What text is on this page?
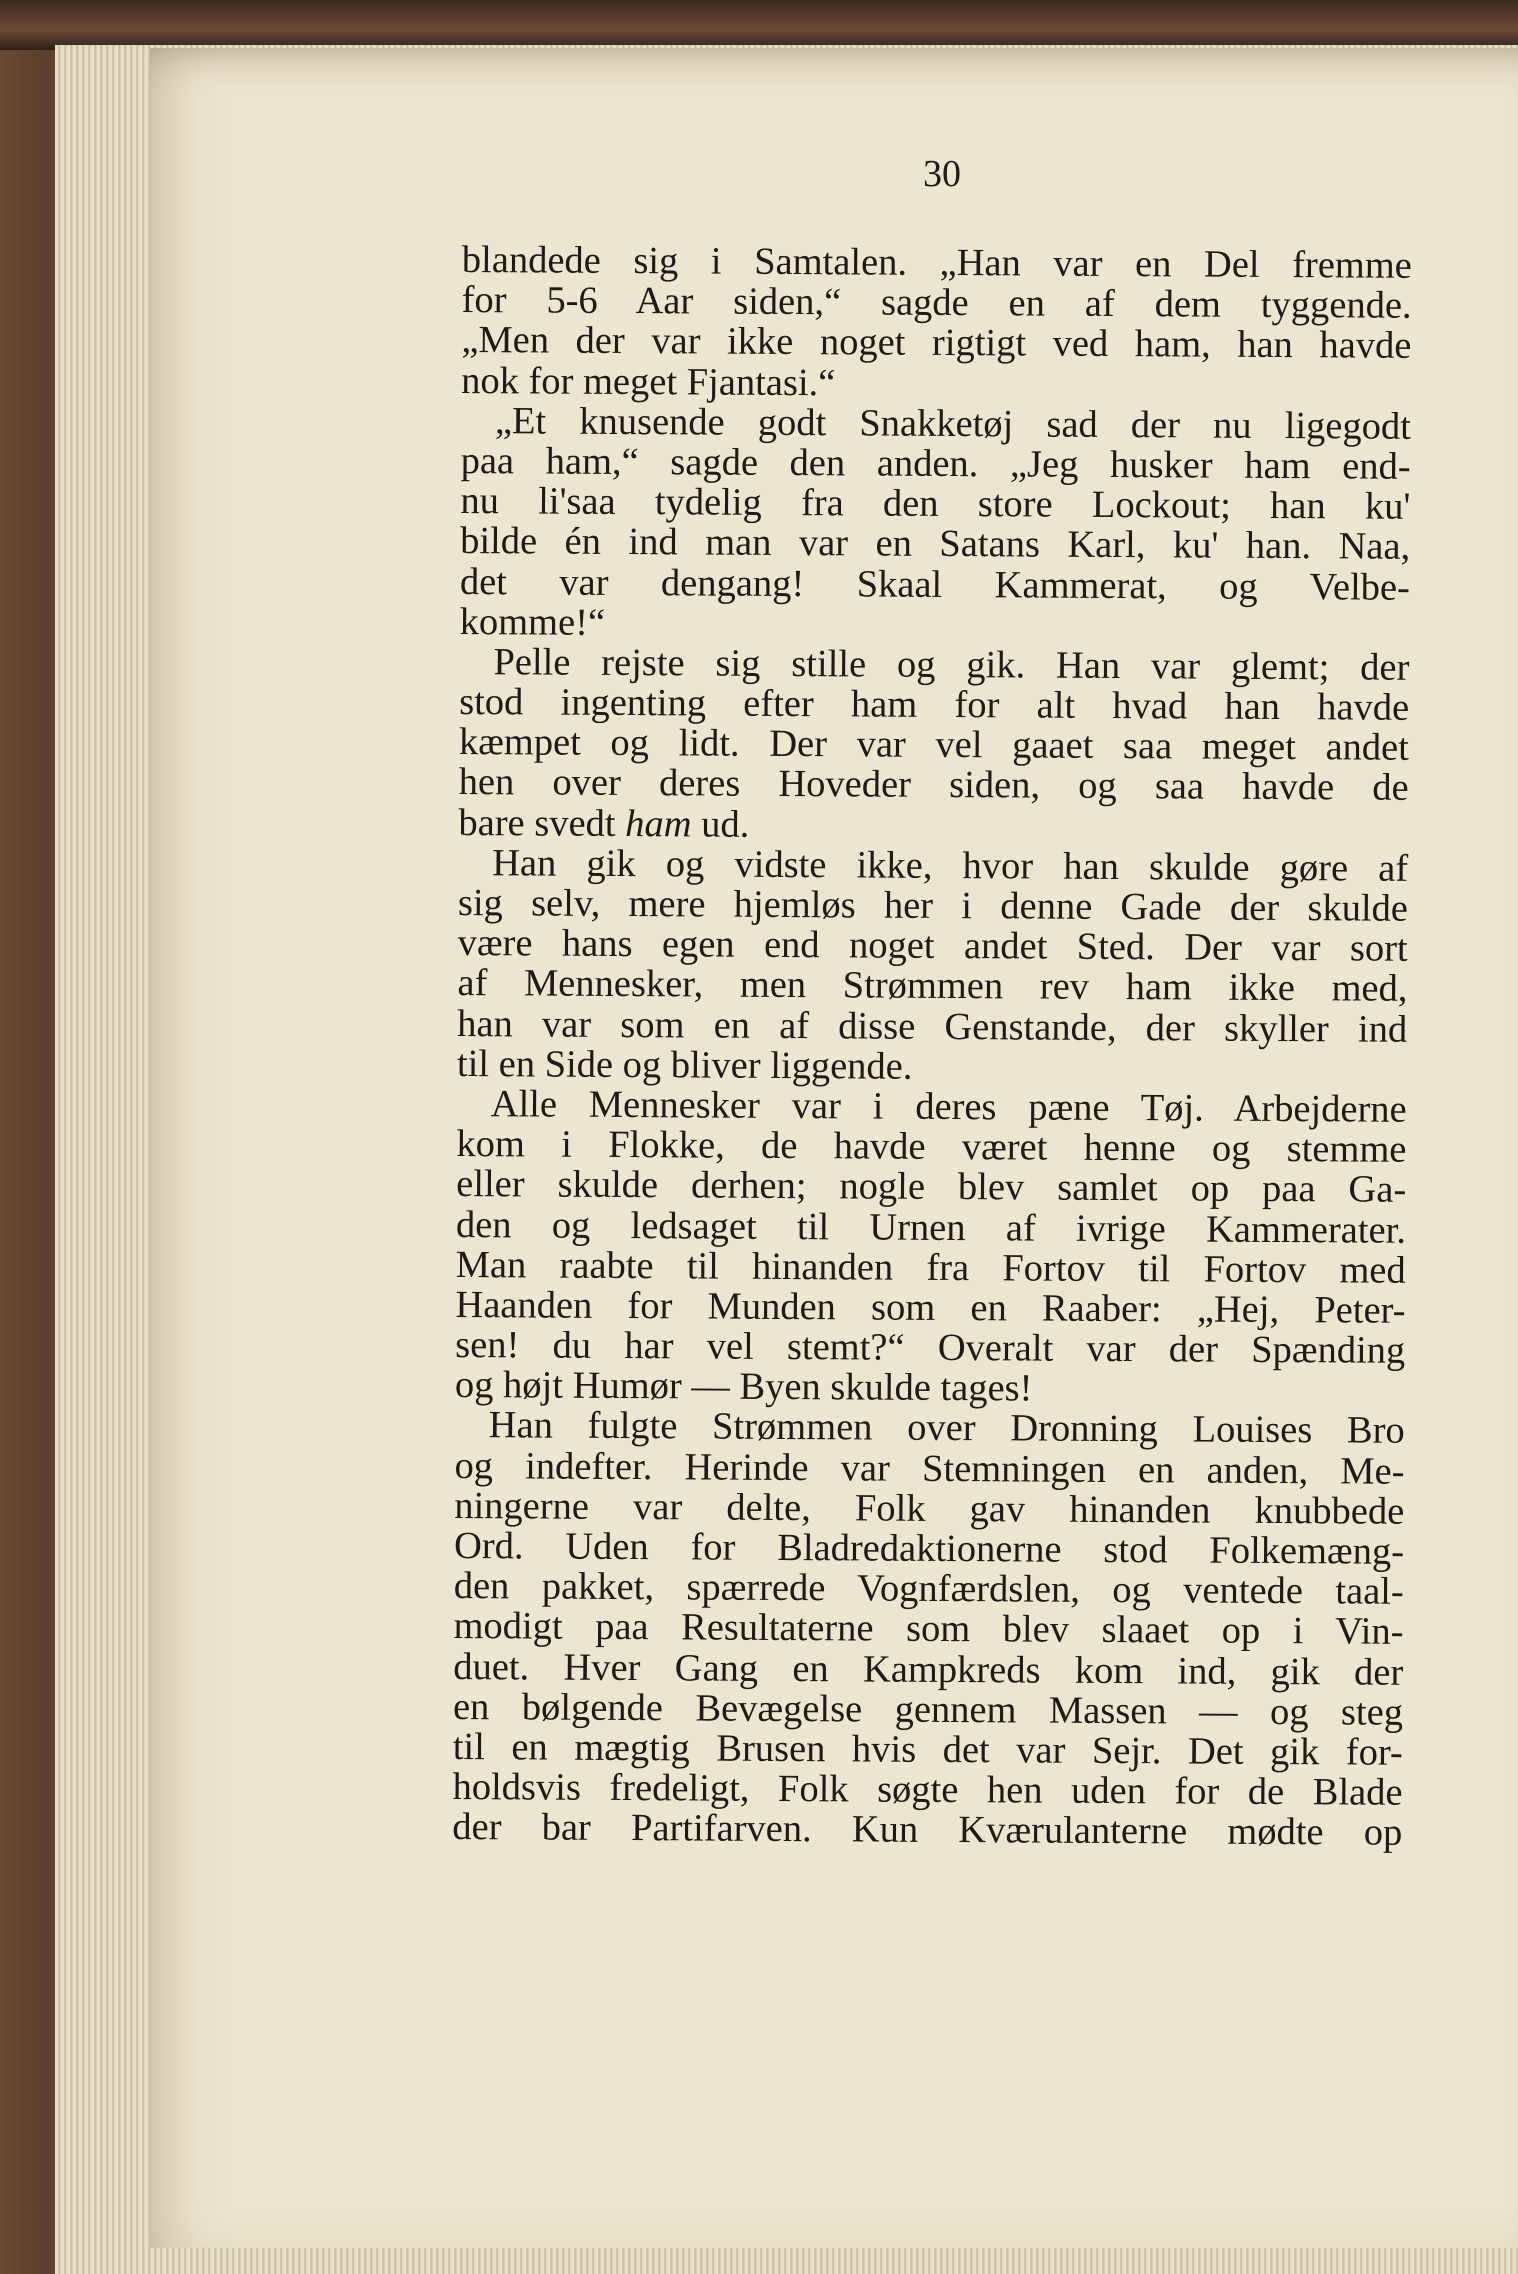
30
blandede sig i Samtalen. „Han var en Del fremme
for 5-6 Aar siden,“ sagde en af dem tyggende.
„Men der var ikke noget rigtigt ved ham, han havde
nok for meget Fjantasi.“
„Et knusende godt Snakketøj sad der nu ligegodt
paa ham,“ sagde den anden. „Jeg husker ham end-
nu li'saa tydelig fra den store Lockout; han ku'
bilde én ind man var en Satans Karl, ku' han. Naa,
det var dengang! Skaal Kammerat, og Velbe-
komme!“
Pelle rejste sig stille og gik. Han var glemt; der
stod ingenting efter ham for alt hvad han havde
kæmpet og lidt. Der var vel gaaet saa meget andet
hen over deres Hoveder siden, og saa havde de
bare svedt ham ud.
Han gik og vidste ikke, hvor han skulde gøre af
sig selv, mere hjemløs her i denne Gade der skulde
være hans egen end noget andet Sted. Der var sort
af Mennesker, men Strømmen rev ham ikke med,
han var som en af disse Genstande, der skyller ind
til en Side og bliver liggende.
Alle Mennesker var i deres pæne Tøj. Arbejderne
kom i Flokke, de havde været henne og stemme
eller skulde derhen; nogle blev samlet op paa Ga-
den og ledsaget til Urnen af ivrige Kammerater.
Man raabte til hinanden fra Fortov til Fortov med
Haanden for Munden som en Raaber: „Hej, Peter-
sen! du har vel stemt?“ Overalt var der Spænding
og højt Humør — Byen skulde tages!
Han fulgte Strømmen over Dronning Louises Bro
og indefter. Herinde var Stemningen en anden, Me-
ningerne var delte, Folk gav hinanden knubbede
Ord. Uden for Bladredaktionerne stod Folkemæng-
den pakket, spærrede Vognfærdslen, og ventede taal-
modigt paa Resultaterne som blev slaaet op i Vin-
duet. Hver Gang en Kampkreds kom ind, gik der
en bølgende Bevægelse gennem Massen — og steg
til en mægtig Brusen hvis det var Sejr. Det gik for-
holdsvis fredeligt, Folk søgte hen uden for de Blade
der bar Partifarven. Kun Kværulanterne mødte op
